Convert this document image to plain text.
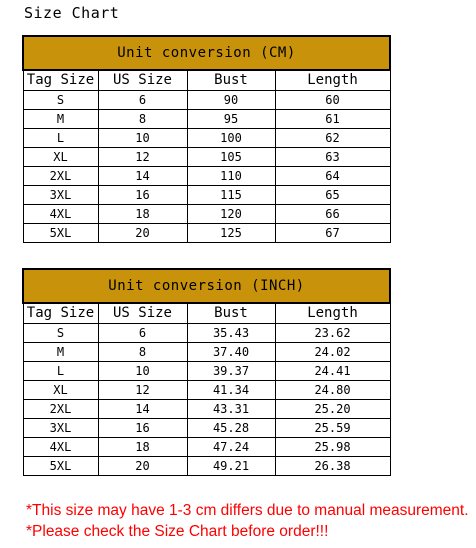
Size Chart
Unit conversion (CM)			
Tag Size	US Size	Bust	Length
S	6	90	60
M	8	95	61
L	10	100	62
XL	12	105	63
2XL	14	110	64
3XL	16	115	65
4XL	18	120	66
5XL	20	125	67
Unit conversion (INCH)			
Tag Size	US Size	Bust	Length
S	6	35.43	23.62
M	8	37.40	24.02
L	10	39.37	24.41
XL	12	41.34	24.80
2XL	14	43.31	25.20
3XL	16	45.28	25.59
4XL	18	47.24	25.98
5XL	20	49.21	26.38
*This size may have 1-3 cm differs due to manual measurement.
*Please check the Size Chart before order!!!
